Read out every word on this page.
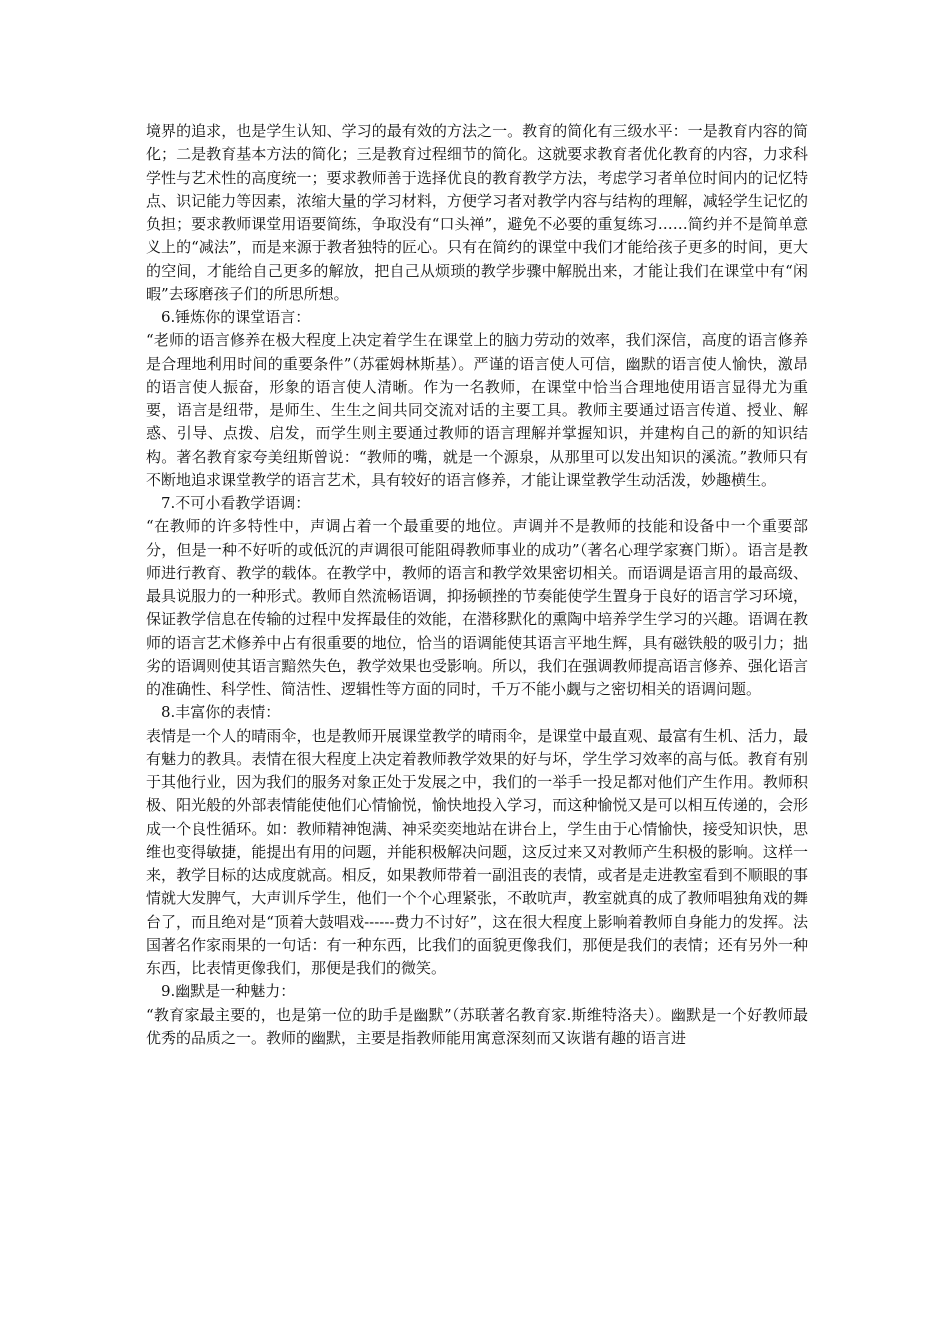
境界的追求，也是学生认知、学习的最有效的方法之一。教育的简化有三级水平：一是教育内容的简化；二是教育基本方法的简化；三是教育过程细节的简化。这就要求教育者优化教育的内容，力求科学性与艺术性的高度统一；要求教师善于选择优良的教育教学方法，考虑学习者单位时间内的记忆特点、识记能力等因素，浓缩大量的学习材料，方便学习者对教学内容与结构的理解，减轻学生记忆的负担；要求教师课堂用语要简练，争取没有“口头禅”，避免不必要的重复练习……简约并不是简单意义上的“减法”，而是来源于教者独特的匠心。只有在简约的课堂中我们才能给孩子更多的时间，更大的空间，才能给自己更多的解放，把自己从烦琐的教学步骤中解脱出来，才能让我们在课堂中有“闲暇”去琢磨孩子们的所思所想。

6.锤炼你的课堂语言：

“老师的语言修养在极大程度上决定着学生在课堂上的脑力劳动的效率，我们深信，高度的语言修养是合理地利用时间的重要条件”（苏霍姆林斯基）。严谨的语言使人可信，幽默的语言使人愉快，激昂的语言使人振奋，形象的语言使人清晰。作为一名教师，在课堂中恰当合理地使用语言显得尤为重要，语言是纽带，是师生、生生之间共同交流对话的主要工具。教师主要通过语言传道、授业、解惑、引导、点拨、启发，而学生则主要通过教师的语言理解并掌握知识，并建构自己的新的知识结构。著名教育家夸美纽斯曾说：“教师的嘴，就是一个源泉，从那里可以发出知识的溪流。”教师只有不断地追求课堂教学的语言艺术，具有较好的语言修养，才能让课堂教学生动活泼，妙趣横生。

7.不可小看教学语调：

“在教师的许多特性中，声调占着一个最重要的地位。声调并不是教师的技能和设备中一个重要部分，但是一种不好听的或低沉的声调很可能阻碍教师事业的成功”（著名心理学家赛门斯）。语言是教师进行教育、教学的载体。在教学中，教师的语言和教学效果密切相关。而语调是语言用的最高级、最具说服力的一种形式。教师自然流畅语调，抑扬顿挫的节奏能使学生置身于良好的语言学习环境，保证教学信息在传输的过程中发挥最佳的效能，在潜移默化的熏陶中培养学生学习的兴趣。语调在教师的语言艺术修养中占有很重要的地位，恰当的语调能使其语言平地生辉，具有磁铁般的吸引力；拙劣的语调则使其语言黯然失色，教学效果也受影响。所以，我们在强调教师提高语言修养、强化语言的准确性、科学性、简洁性、逻辑性等方面的同时，千万不能小觑与之密切相关的语调问题。

8.丰富你的表情：

表情是一个人的晴雨伞，也是教师开展课堂教学的晴雨伞，是课堂中最直观、最富有生机、活力，最有魅力的教具。表情在很大程度上决定着教师教学效果的好与坏，学生学习效率的高与低。教育有别于其他行业，因为我们的服务对象正处于发展之中，我们的一举手一投足都对他们产生作用。教师积极、阳光般的外部表情能使他们心情愉悦，愉快地投入学习，而这种愉悦又是可以相互传递的，会形成一个良性循环。如：教师精神饱满、神采奕奕地站在讲台上，学生由于心情愉快，接受知识快，思维也变得敏捷，能提出有用的问题，并能积极解决问题，这反过来又对教师产生积极的影响。这样一来，教学目标的达成度就高。相反，如果教师带着一副沮丧的表情，或者是走进教室看到不顺眼的事情就大发脾气，大声训斥学生，他们一个个心理紧张，不敢吭声，教室就真的成了教师唱独角戏的舞台了，而且绝对是“顶着大鼓唱戏------费力不讨好”，这在很大程度上影响着教师自身能力的发挥。法国著名作家雨果的一句话：有一种东西，比我们的面貌更像我们，那便是我们的表情；还有另外一种东西，比表情更像我们，那便是我们的微笑。

9.幽默是一种魅力：

“教育家最主要的，也是第一位的助手是幽默”（苏联著名教育家.斯维特洛夫）。幽默是一个好教师最优秀的品质之一。教师的幽默，主要是指教师能用寓意深刻而又诙谐有趣的语言进
